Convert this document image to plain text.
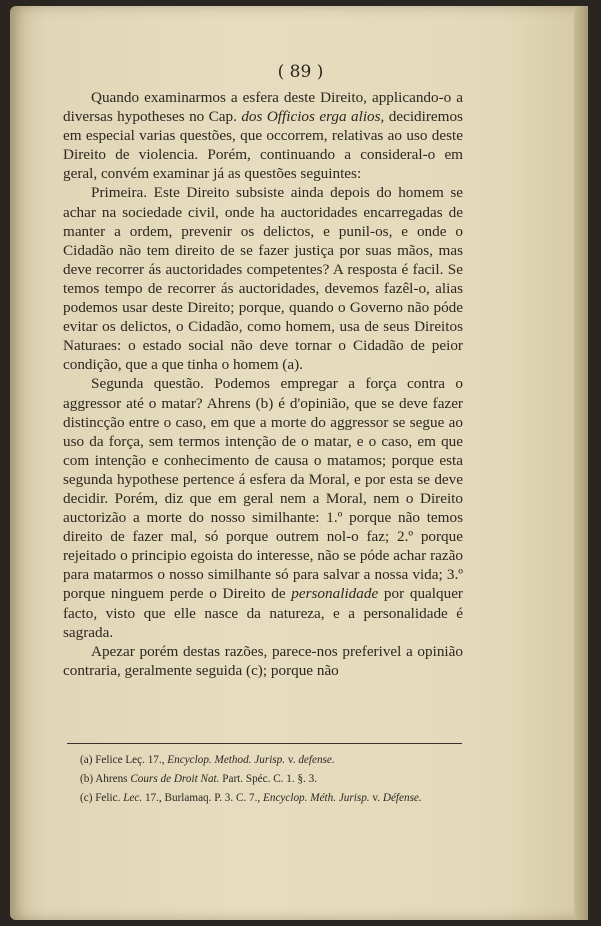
( 89 )

Quando examinarmos a esfera deste Direito, applicando-o a diversas hypotheses no Cap. dos Officios erga alios, decidiremos em especial varias questões, que occorrem, relativas ao uso deste Direito de violencia. Porém, continuando a consideral-o em geral, convém examinar já as questões seguintes:

Primeira. Este Direito subsiste ainda depois do homem se achar na sociedade civil, onde ha auctoridades encarregadas de manter a ordem, prevenir os delictos, e punil-os, e onde o Cidadão não tem direito de se fazer justiça por suas mãos, mas deve recorrer ás auctoridades competentes? A resposta é facil. Se temos tempo de recorrer ás auctoridades, devemos fazêl-o, alias podemos usar deste Direito; porque, quando o Governo não póde evitar os delictos, o Cidadão, como homem, usa de seus Direitos Naturaes: o estado social não deve tornar o Cidadão de peior condição, que a que tinha o homem (a).

Segunda questão. Podemos empregar a força contra o aggressor até o matar? Ahrens (b) é d'opinião, que se deve fazer distincção entre o caso, em que a morte do aggressor se segue ao uso da força, sem termos intenção de o matar, e o caso, em que com intenção e conhecimento de causa o matamos; porque esta segunda hypothese pertence á esfera da Moral, e por esta se deve decidir. Porém, diz que em geral nem a Moral, nem o Direito auctorizão a morte do nosso similhante: 1.º porque não temos direito de fazer mal, só porque outrem nol-o faz; 2.º porque rejeitado o principio egoista do interesse, não se póde achar razão para matarmos o nosso similhante só para salvar a nossa vida; 3.º porque ninguem perde o Direito de personalidade por qualquer facto, visto que elle nasce da natureza, e a personalidade é sagrada.

Apezar porém destas razões, parece-nos preferivel a opinião contraria, geralmente seguida (c); porque não

(a) Felice Leç. 17., Encyclop. Method. Jurisp. v. defense.

(b) Ahrens Cours de Droit Nat. Part. Spéc. C. 1. §. 3.

(c) Felic. Lec. 17., Burlamaq. P. 3. C. 7., Encyclop. Méth. Jurisp. v. Défense.
